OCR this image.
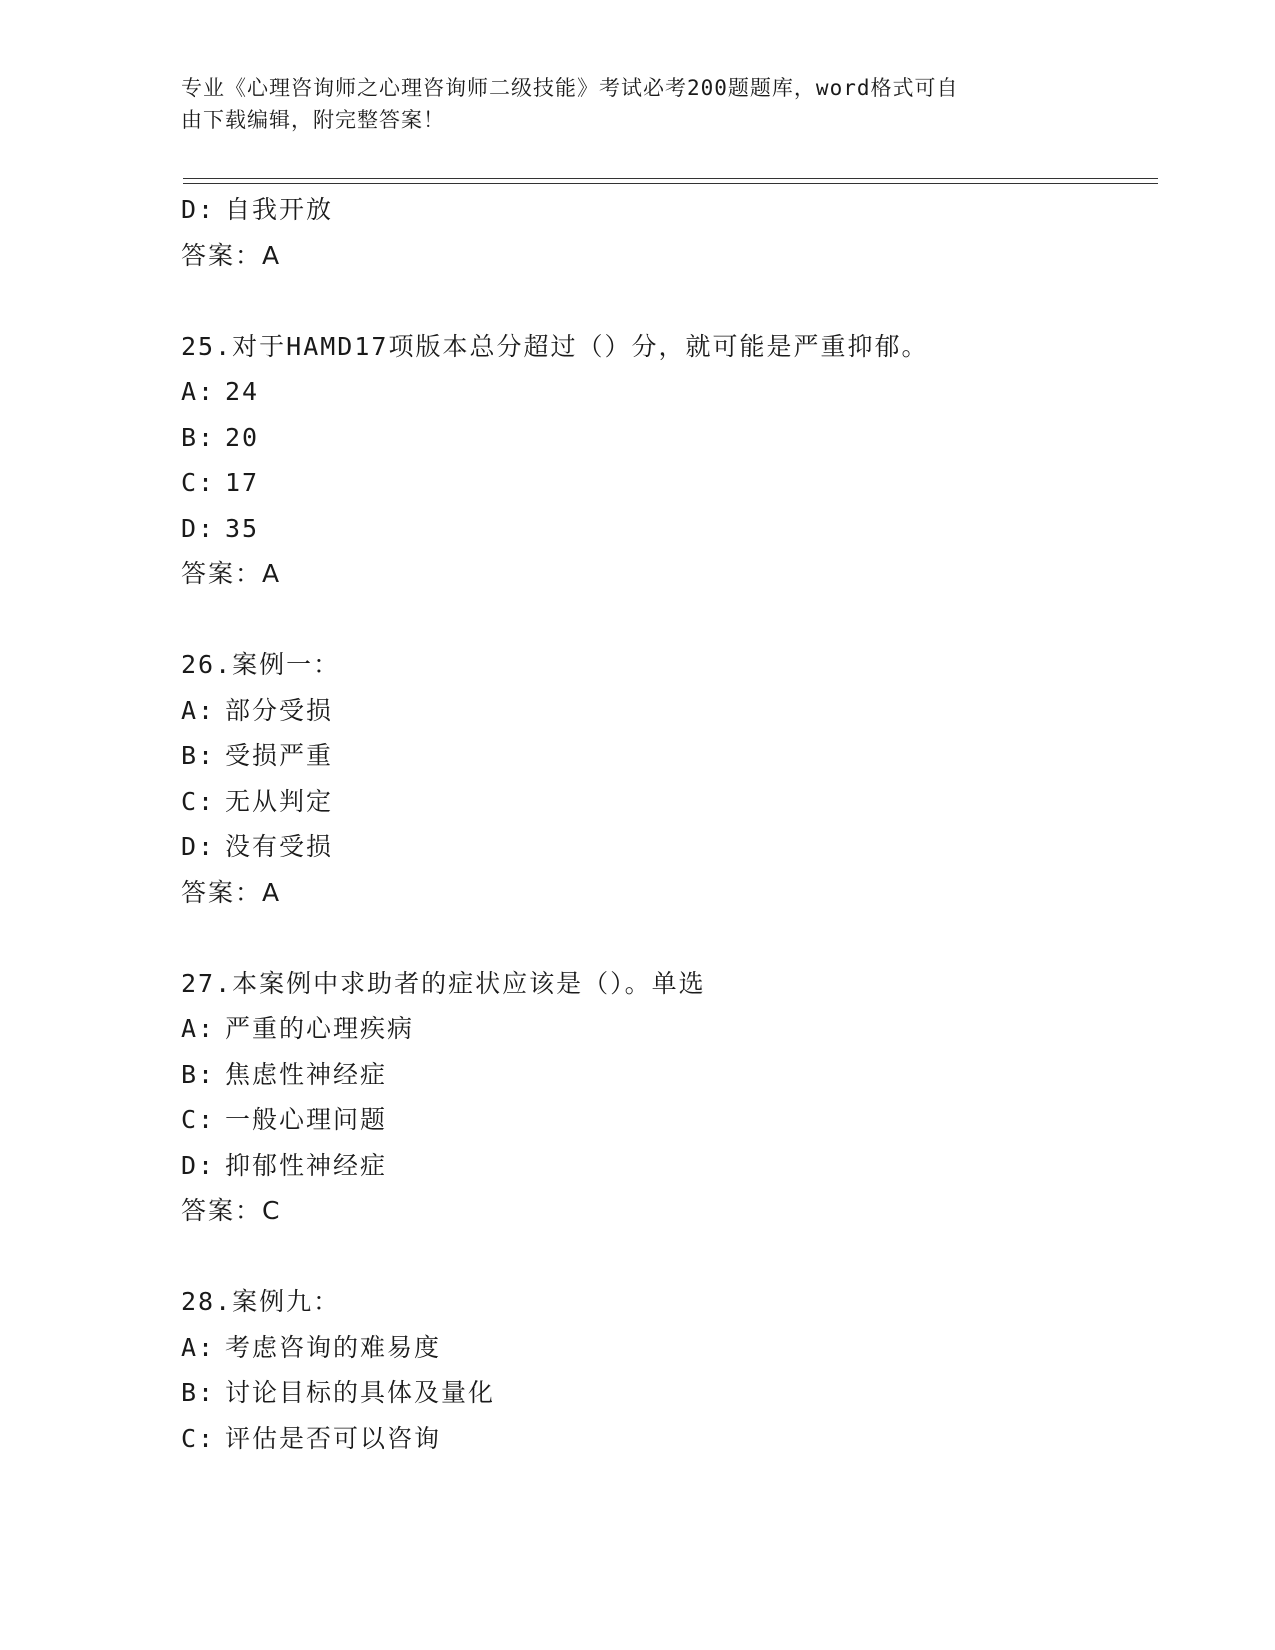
专业《心理咨询师之心理咨询师二级技能》考试必考200题题库，word格式可自
由下载编辑，附完整答案！
D: 自我开放
答案：A
25.对于HAMD17项版本总分超过（）分，就可能是严重抑郁。
A: 24
B: 20
C: 17
D: 35
答案：A
26.案例一：
A: 部分受损
B: 受损严重
C: 无从判定
D: 没有受损
答案：A
27.本案例中求助者的症状应该是（）。单选
A: 严重的心理疾病
B: 焦虑性神经症
C: 一般心理问题
D: 抑郁性神经症
答案：C
28.案例九：
A: 考虑咨询的难易度
B: 讨论目标的具体及量化
C: 评估是否可以咨询
